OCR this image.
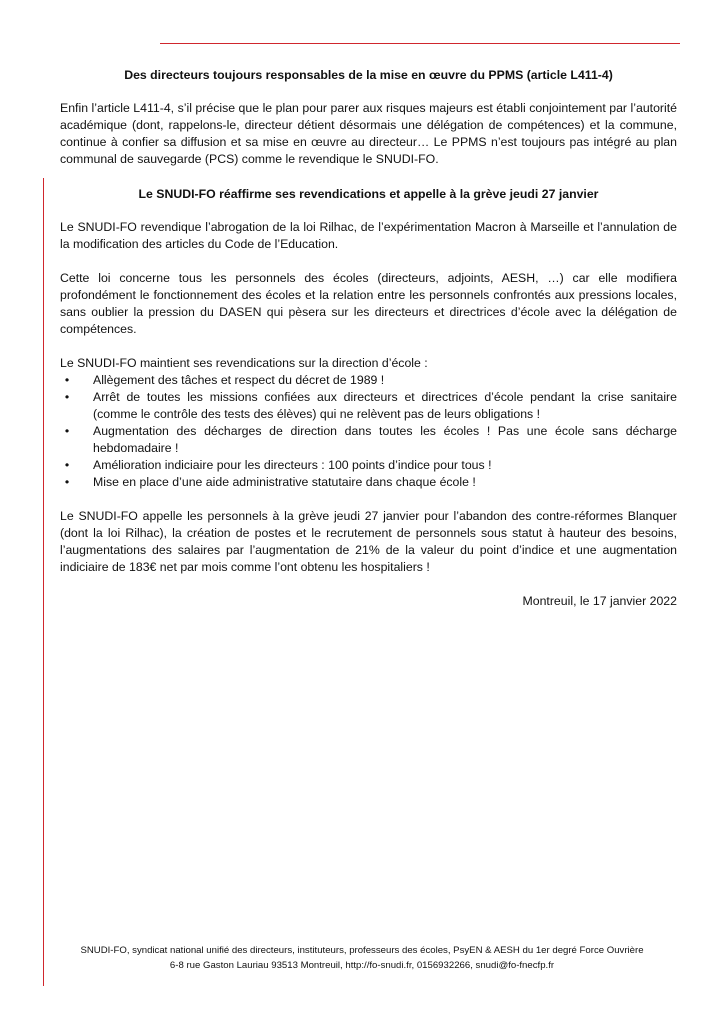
Des directeurs toujours responsables de la mise en œuvre du PPMS (article L411-4)

Enfin l’article L411-4, s’il précise que le plan pour parer aux risques majeurs est établi conjointement par l’autorité académique (dont, rappelons-le, directeur détient désormais une délégation de compétences) et la commune, continue à confier sa diffusion et sa mise en œuvre au directeur… Le PPMS n’est toujours pas intégré au plan communal de sauvegarde (PCS) comme le revendique le SNUDI-FO.

Le SNUDI-FO réaffirme ses revendications et appelle à la grève jeudi 27 janvier

Le SNUDI-FO revendique l’abrogation de la loi Rilhac, de l’expérimentation Macron à Marseille et l’annulation de la modification des articles du Code de l’Education.

Cette loi concerne tous les personnels des écoles (directeurs, adjoints, AESH, …) car elle modifiera profondément le fonctionnement des écoles et la relation entre les personnels confrontés aux pressions locales, sans oublier la pression du DASEN qui pèsera sur les directeurs et directrices d’école avec la délégation de compétences.

Le SNUDI-FO maintient ses revendications sur la direction d’école :

•	Allègement des tâches et respect du décret de 1989 !
•	Arrêt de toutes les missions confiées aux directeurs et directrices d’école pendant la crise sanitaire (comme le contrôle des tests des élèves) qui ne relèvent pas de leurs obligations !
•	Augmentation des décharges de direction dans toutes les écoles ! Pas une école sans décharge hebdomadaire !
•	Amélioration indiciaire pour les directeurs : 100 points d’indice pour tous !
•	Mise en place d’une aide administrative statutaire dans chaque école !

Le SNUDI-FO appelle les personnels à la grève jeudi 27 janvier pour l’abandon des contre-réformes Blanquer (dont la loi Rilhac), la création de postes et le recrutement de personnels sous statut à hauteur des besoins, l’augmentations des salaires par l’augmentation de 21% de la valeur du point d’indice et une augmentation indiciaire de 183€ net par mois comme l’ont obtenu les hospitaliers !

Montreuil, le 17 janvier 2022

SNUDI-FO, syndicat national unifié des directeurs, instituteurs, professeurs des écoles, PsyEN & AESH du 1er degré Force Ouvrière
6-8 rue Gaston Lauriau 93513 Montreuil, http://fo-snudi.fr, 0156932266, snudi@fo-fnecfp.fr
